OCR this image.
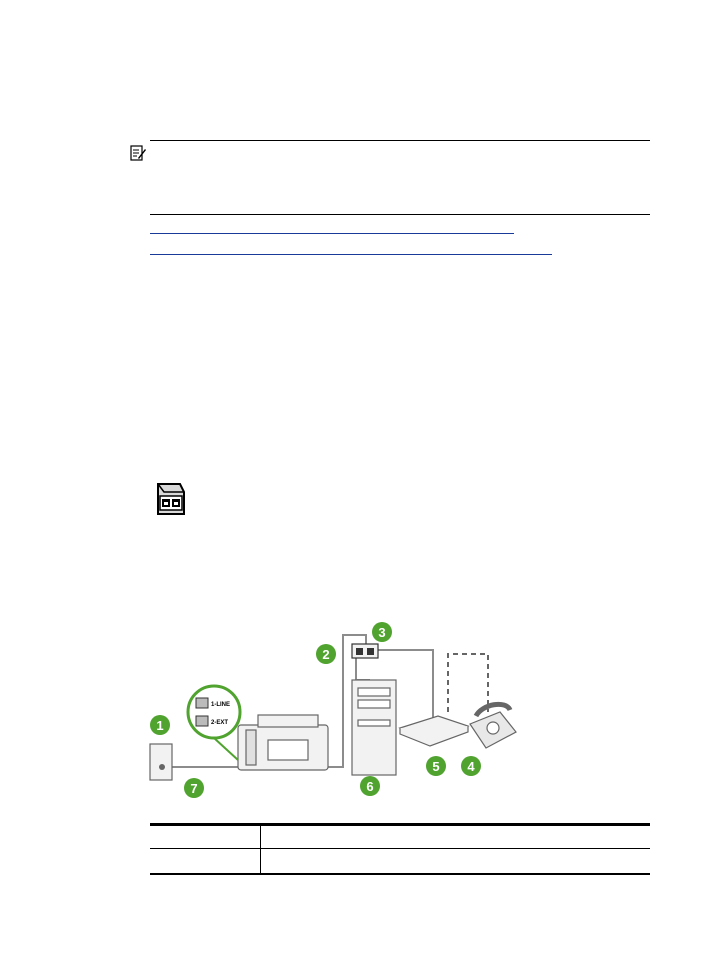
1-LINE
2-EXT
1
2
3
4
5
6
7
